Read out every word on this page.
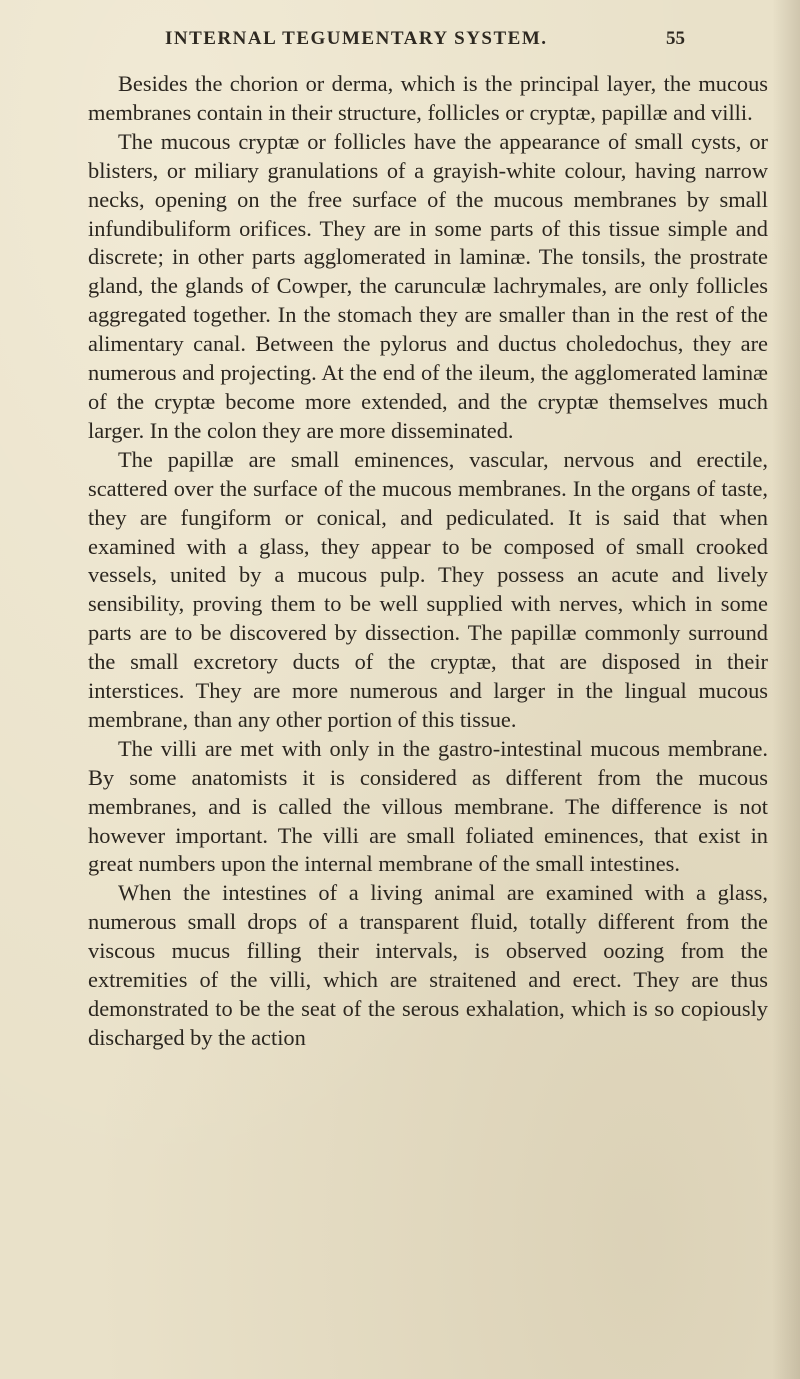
INTERNAL TEGUMENTARY SYSTEM.	55

Besides the chorion or derma, which is the principal layer, the mucous membranes contain in their structure, follicles or cryptæ, papillæ and villi.

The mucous cryptæ or follicles have the appearance of small cysts, or blisters, or miliary granulations of a grayish-white colour, having narrow necks, opening on the free surface of the mucous membranes by small infundibuliform orifices. They are in some parts of this tissue simple and discrete; in other parts agglomerated in laminæ. The tonsils, the prostrate gland, the glands of Cowper, the carunculæ lachrymales, are only follicles aggregated together. In the stomach they are smaller than in the rest of the alimentary canal. Between the pylorus and ductus choledochus, they are numerous and projecting. At the end of the ileum, the agglomerated laminæ of the cryptæ become more extended, and the cryptæ themselves much larger. In the colon they are more disseminated.

The papillæ are small eminences, vascular, nervous and erectile, scattered over the surface of the mucous membranes. In the organs of taste, they are fungiform or conical, and pediculated. It is said that when examined with a glass, they appear to be composed of small crooked vessels, united by a mucous pulp. They possess an acute and lively sensibility, proving them to be well supplied with nerves, which in some parts are to be discovered by dissection. The papillæ commonly surround the small excretory ducts of the cryptæ, that are disposed in their interstices. They are more numerous and larger in the lingual mucous membrane, than any other portion of this tissue.

The villi are met with only in the gastro-intestinal mucous membrane. By some anatomists it is considered as different from the mucous membranes, and is called the villous membrane. The difference is not however important. The villi are small foliated eminences, that exist in great numbers upon the internal membrane of the small intestines.

When the intestines of a living animal are examined with a glass, numerous small drops of a transparent fluid, totally different from the viscous mucus filling their intervals, is observed oozing from the extremities of the villi, which are straitened and erect. They are thus demonstrated to be the seat of the serous exhalation, which is so copiously discharged by the action
